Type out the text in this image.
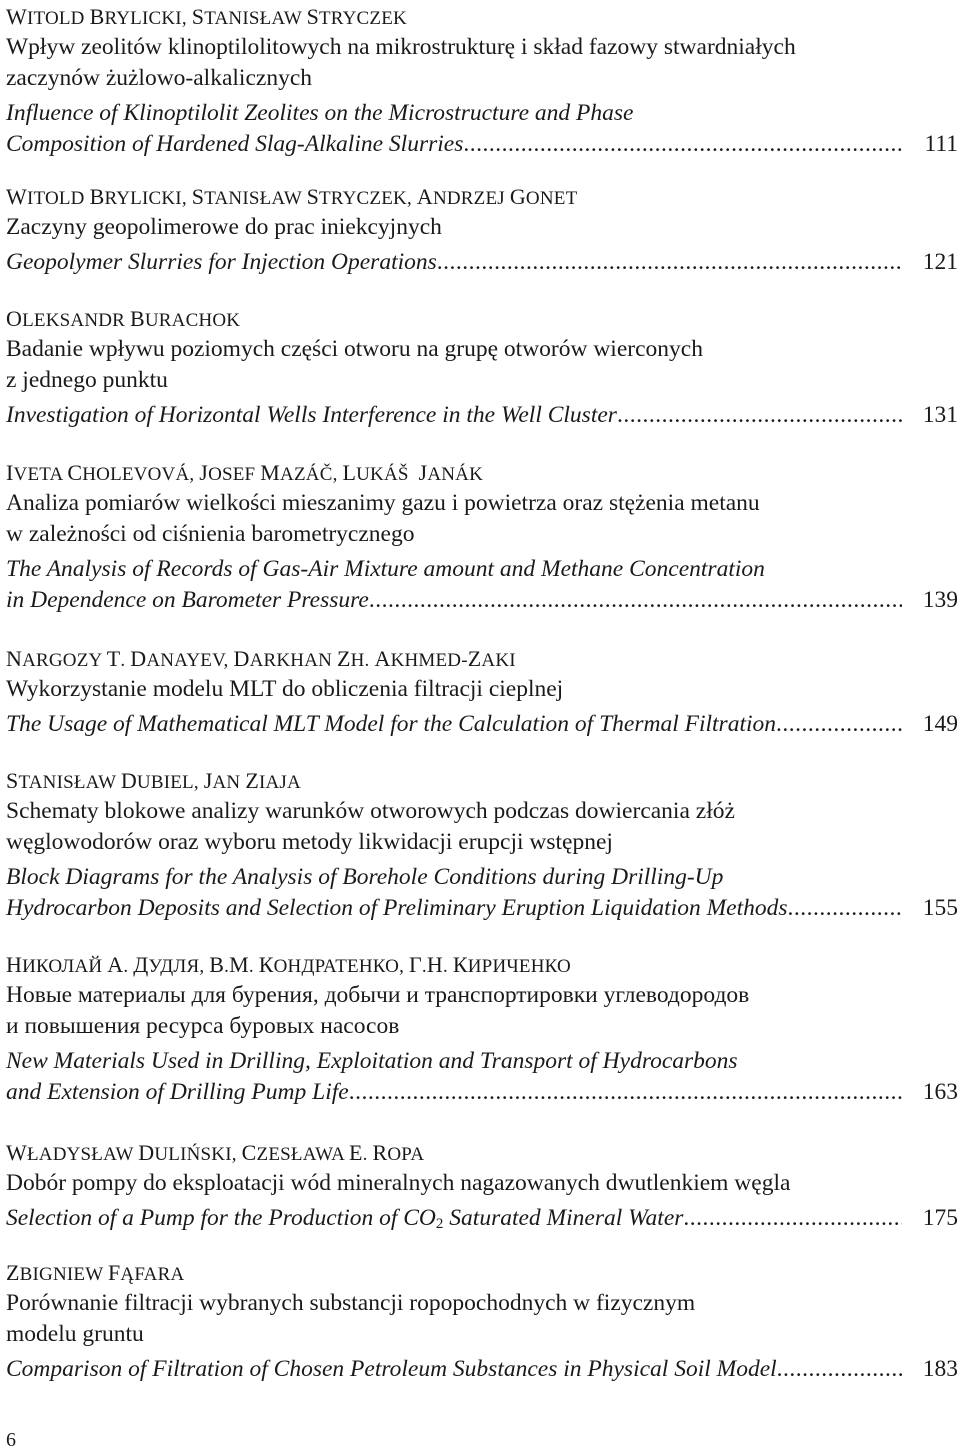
WITOLD BRYLICKI, STANISŁAW STRYCZEK
Wpływ zeolitów klinoptilolitowych na mikrostrukturę i skład fazowy stwardniałych
zaczynów żużlowo-alkalicznych
Influence of Klinoptilolit Zeolites on the Microstructure and Phase
Composition of Hardened Slag-Alkaline Slurries .....	111
WITOLD BRYLICKI, STANISŁAW STRYCZEK, ANDRZEJ GONET
Zaczyny geopolimerowe do prac iniekcyjnych
Geopolymer Slurries for Injection Operations .....	121
OLEKSANDR BURACHOK
Badanie wpływu poziomych części otworu na grupę otworów wierconych
z jednego punktu
Investigation of Horizontal Wells Interference in the Well Cluster .....	131
IVETA CHOLEVOVÁ, JOSEF MAZÁČ, LUKÁŠ  JANÁK
Analiza pomiarów wielkości mieszanimy gazu i powietrza oraz stężenia metanu
w zależności od ciśnienia barometrycznego
The Analysis of Records of Gas-Air Mixture amount and Methane Concentration
in Dependence on Barometer Pressure .....	139
NARGOZY T. DANAYEV, DARKHAN ZH. AKHMED-ZAKI
Wykorzystanie modelu MLT do obliczenia filtracji cieplnej
The Usage of Mathematical MLT Model for the Calculation of Thermal Filtration .....	149
STANISŁAW DUBIEL, JAN ZIAJA
Schematy blokowe analizy warunków otworowych podczas dowiercania złóż
węglowodorów oraz wyboru metody likwidacji erupcji wstępnej
Block Diagrams for the Analysis of Borehole Conditions during Drilling-Up
Hydrocarbon Deposits and Selection of Preliminary Eruption Liquidation Methods .....	155
НИКОЛАЙ А. ДУДЛЯ, В.М. КОНДРАТЕНКО, Г.Н. КИРИЧЕНКО
Новые материалы для бурения, добычи и транспортировки углеводородов
и повышения ресурса буровых насосов
New Materials Used in Drilling, Exploitation and Transport of Hydrocarbons
and Extension of Drilling Pump Life .....	163
WŁADYSŁAW DULIŃSKI, CZESŁAWA E. ROPA
Dobór pompy do eksploatacji wód mineralnych nagazowanych dwutlenkiem węgla
Selection of a Pump for the Production of $CO_2$ Saturated Mineral Water .....	175
ZBIGNIEW FĄFARA
Porównanie filtracji wybranych substancji ropopochodnych w fizycznym
modelu gruntu
Comparison of Filtration of Chosen Petroleum Substances in Physical Soil Model .....	183
6
